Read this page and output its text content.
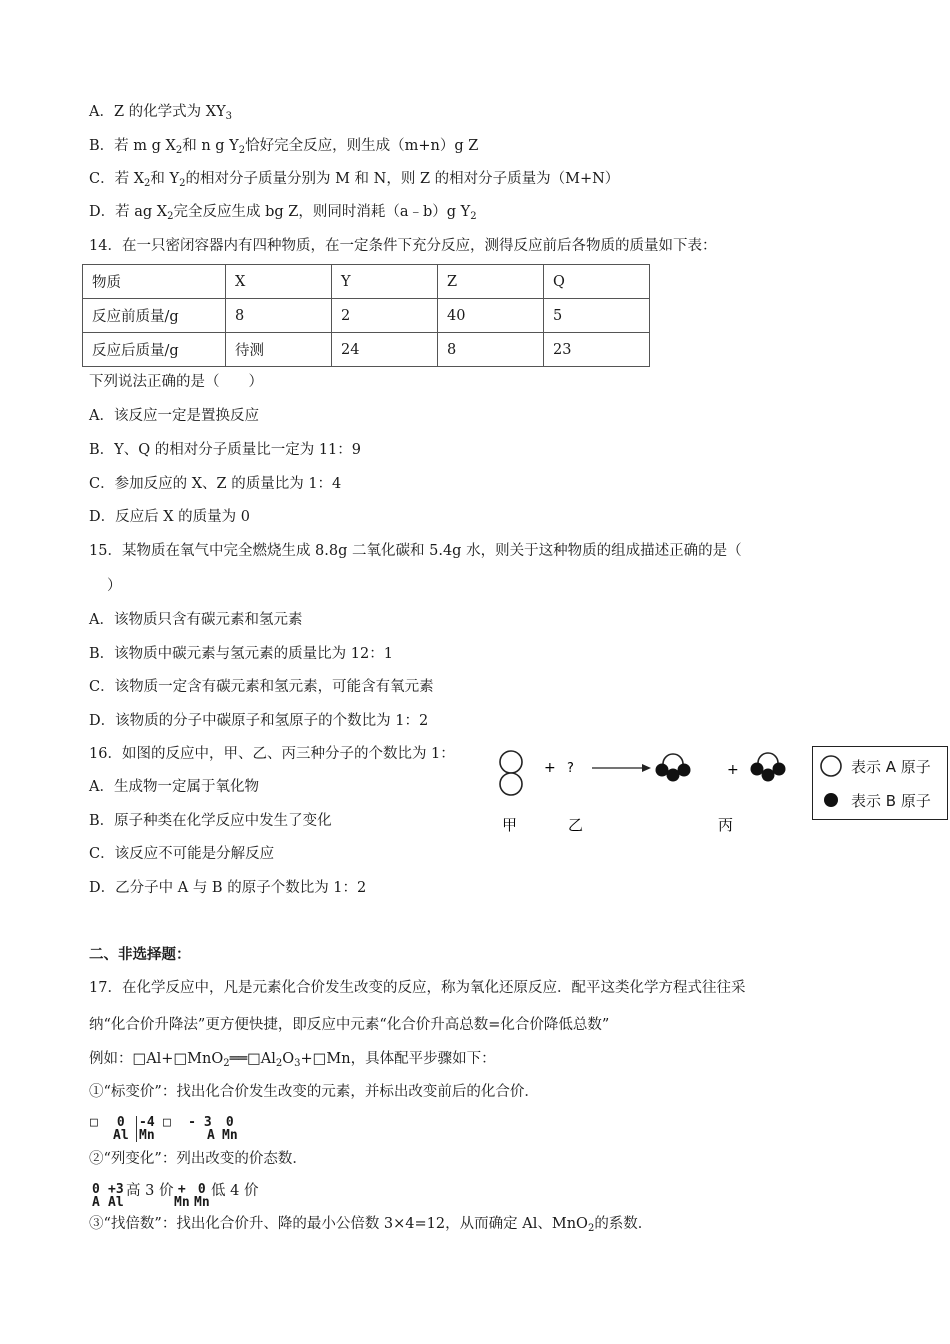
A．Z 的化学式为 $XY_3$
B．若 m g $X_2$和 n g $Y_2$恰好完全反应，则生成（m+n）g Z
C．若 $X_2$和 $Y_2$的相对分子质量分别为 M 和 N，则 Z 的相对分子质量为（M+N）
D．若 ag $X_2$完全反应生成 bg Z，则同时消耗（a﹣b）g $Y_2$
14．在一只密闭容器内有四种物质，在一定条件下充分反应，测得反应前后各物质的质量如下表：
物质	X	Y	Z	Q
反应前质量/g	8	2	40	5
反应后质量/g	待测	24	8	23
下列说法正确的是（　　）
A．该反应一定是置换反应
B．Y、Q 的相对分子质量比一定为 11：9
C．参加反应的 X、Z 的质量比为 1：4
D．反应后 X 的质量为 0
15．某物质在氧气中完全燃烧生成 8.8g 二氧化碳和 5.4g 水，则关于这种物质的组成描述正确的是（
）
A．该物质只含有碳元素和氢元素
B．该物质中碳元素与氢元素的质量比为 12：1
C．该物质一定含有碳元素和氢元素，可能含有氧元素
D．该物质的分子中碳原子和氢原子的个数比为 1：2
16．如图的反应中，甲、乙、丙三种分子的个数比为 1：
A．生成物一定属于氧化物
B．原子种类在化学反应中发生了变化
C．该反应不可能是分解反应
D．乙分子中 A 与 B 的原子个数比为 1：2
+ ?	+
甲	乙	丙
表示 A 原子
表示 B 原子
二、非选择题：
17．在化学反应中，凡是元素化合价发生改变的反应，称为氧化还原反应．配平这类化学方程式往往采
纳“化合价升降法”更方便快捷，即反应中元素“化合价升高总数=化合价降低总数”
例如：$□Al+□MnO_2══□Al_2O_3+□Mn$，具体配平步骤如下：
①“标变价”：找出化合价发生改变的元素，并标出改变前后的化合价．
□	0
Al
-4
Mn
□ - 3
A
0
Mn
②“列变化”：列出改变的价态数．
0
A
+3
Al
高 3 价 +
Mn
0
Mn
低 4 价
③“找倍数”：找出化合价升、降的最小公倍数 3×4=12，从而确定 Al、MnO$_2$的系数．
